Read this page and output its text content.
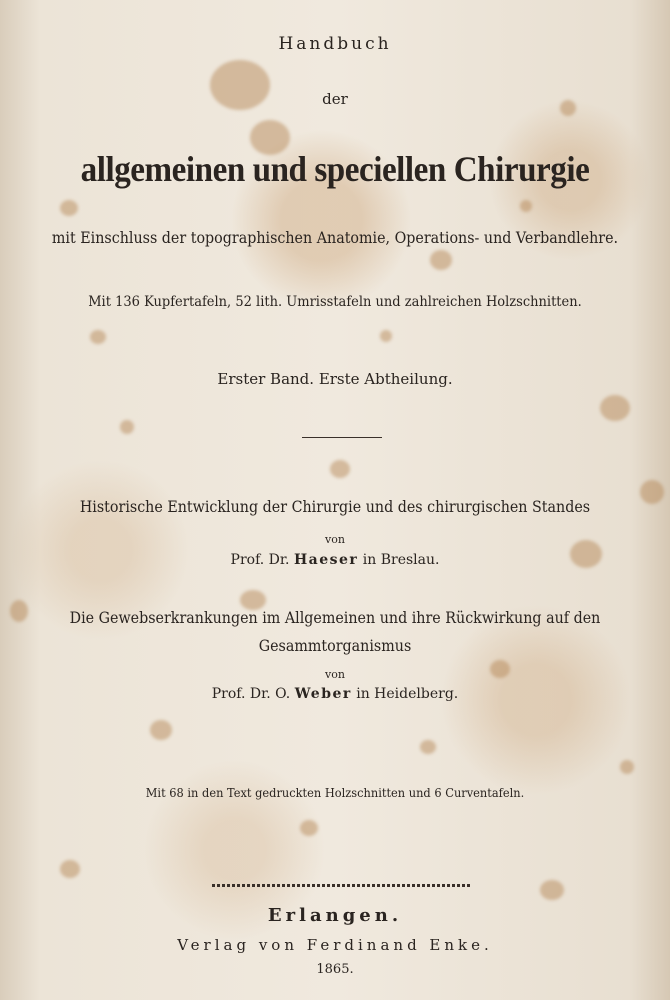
Handbuch
der
allgemeinen und speciellen Chirurgie
mit Einschluss der topographischen Anatomie, Operations- und Verbandlehre.
Mit 136 Kupfertafeln, 52 lith. Umrisstafeln und zahlreichen Holzschnitten.
Erster Band. Erste Abtheilung.
Historische Entwicklung der Chirurgie und des chirurgischen Standes
von
Prof. Dr. Haeser in Breslau.
Die Gewebserkrankungen im Allgemeinen und ihre Rückwirkung auf den
Gesammtorganismus
von
Prof. Dr. O. Weber in Heidelberg.
Mit 68 in den Text gedruckten Holzschnitten und 6 Curventafeln.
Erlangen.
Verlag von Ferdinand Enke.
1865.
